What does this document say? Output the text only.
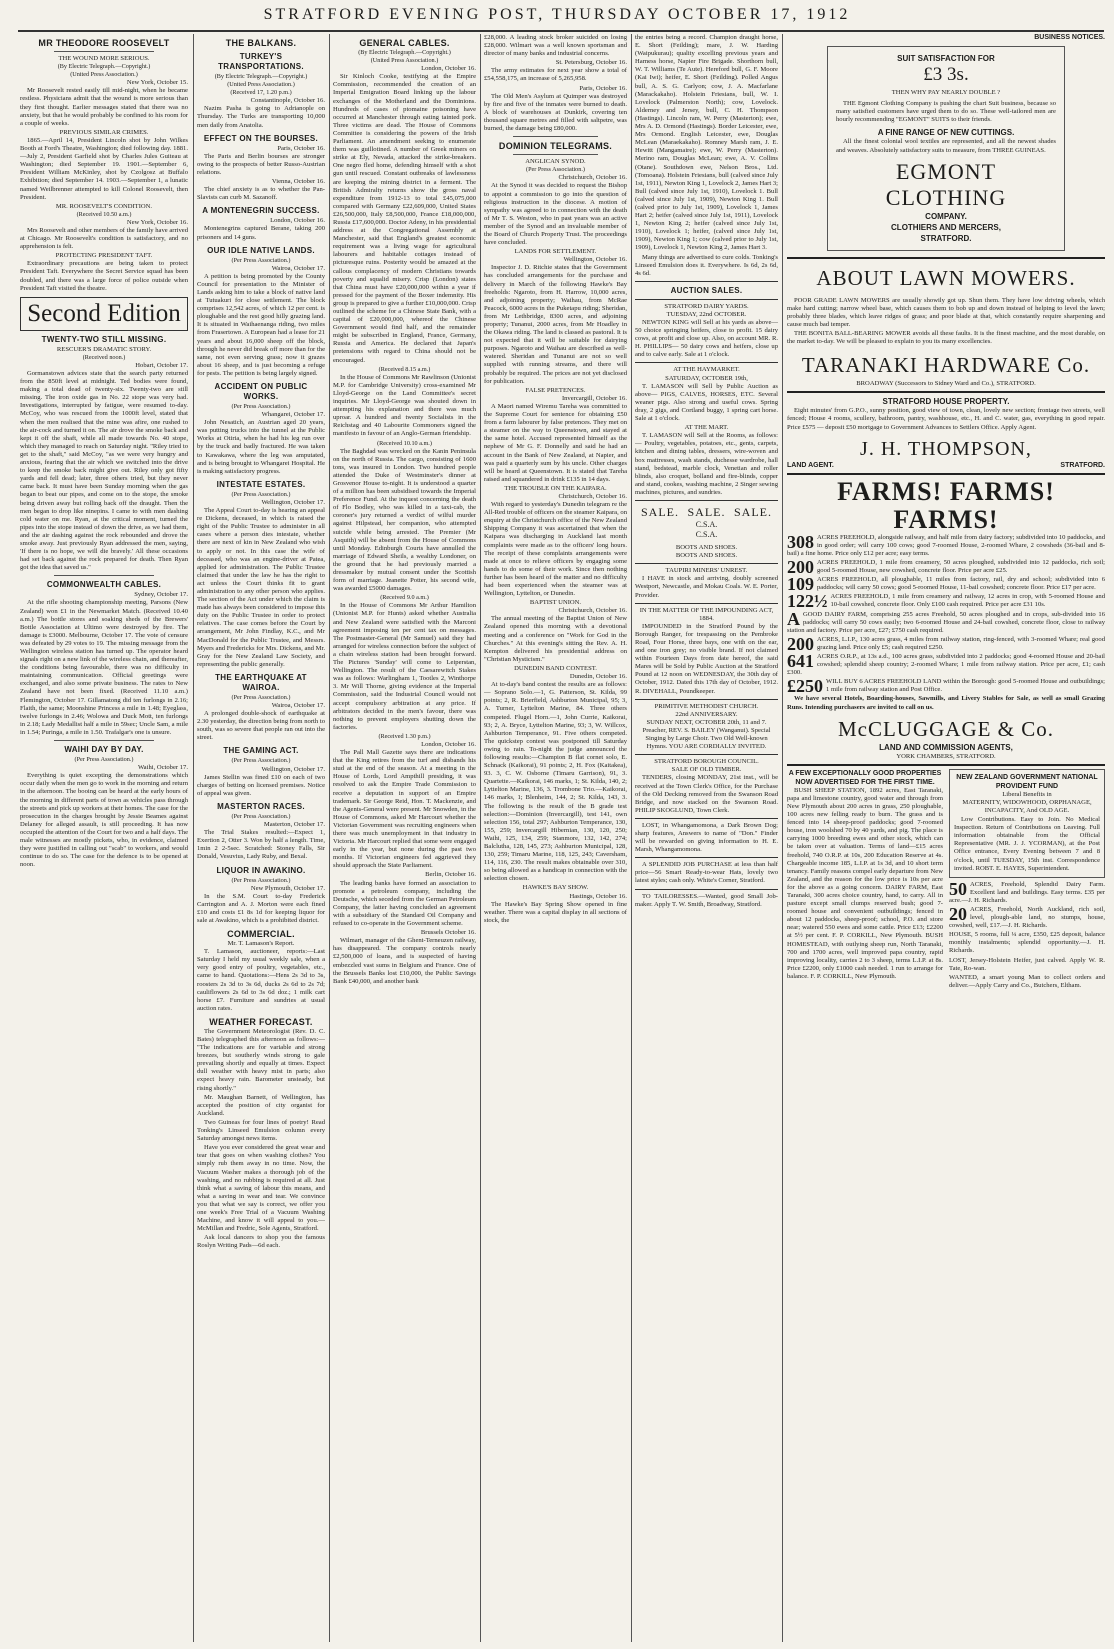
STRATFORD EVENING POST, THURSDAY OCTOBER 17, 1912
MR THEODORE ROOSEVELT
THE WOUND MORE SERIOUS.
(By Electric Telegraph.—Copyright.)
(United Press Association.)
New York, October 15.

Mr Roosevelt rested easily till mid-night, when he became restless. Physicians admit that the wound is more serious than they first thought. Earlier messages stated that there was no anxiety, but that he would probably be confined to his room for a couple of weeks.

PREVIOUS SIMILAR CRIMES.

1865.—April 14, President Lincoln shot by John Wilkes Booth at Ford's Theatre, Washington; died following day. 1881.—July 2, President Garfield shot by Charles Jules Guiteau at Washington; died September 19. 1901.—September 6, President William McKinley, shot by Czolgosz at Buffalo Exhibition; died September 14. 1903.—September 1, a lunatic named Weilbrenner attempted to kill Colonel Roosevelt, then President.

MR. ROOSEVELT'S CONDITION.
(Received 10.50 a.m.)
New York, October 16.

Mrs Roosevelt and other members of the family have arrived at Chicago. Mr Roosevelt's condition is satisfactory, and no apprehension is felt.

PROTECTING PRESIDENT TAFT.

Extraordinary precautions are being taken to protect President Taft. Everywhere the Secret Service squad has been doubled, and there was a large force of police outside when President Taft visited the theatre.

Second Edition
TWENTY-TWO STILL MISSING.
RESCUER'S DRAMATIC STORY.
(Received noon.)
Hobart, October 17.

Gormanstown advices state that the search party returned from the 850ft level at midnight. Ted bodies were found, making a total dead of twenty-six. Twenty-two are still missing. The iron oxide gas in No. 22 stope was very bad. Investigations, interrupted by fatigue, were resumed to-day. McCoy, who was rescued from the 1000ft level, stated that when the men realised that the mine was afire, one rushed to the air-cock and turned it on. The air drove the smoke back and kept it off the shaft, while all made towards No. 40 stope, which they managed to reach on Saturday night. "Riley tried to get to the shaft," said McCoy, "as we were very hungry and anxious, fearing that the air which we switched into the drive to keep the smoke back might give out. Riley only got fifty yards and fell dead; later, three others tried, but they never came back. It must have been Sunday morning when the gas began to beat our pipes, and come on to the stope, the smoke being driven away but rolling back off the draught. Then the men began to drop like ninepins. I came to with men dashing cold water on me. Ryan, at the critical moment, turned the pipes into the stope instead of down the drive, as we had them, and the air dashing against the rock rebounded and drove the smoke away. Just previously Ryan addressed the men, saying, 'If there is no hope, we will die bravely.' All these occasions had set back against the rock prepared for death. Then Ryan got the idea that saved us."

COMMONWEALTH CABLES.
Sydney, October 17.

At the rifle shooting championship meeting, Parsons (New Zealand) won £1 in the Newmarket Match. (Received 10.40 a.m.) The bottle stores and soaking sheds of the Brewers' Bottle Association at Ultimo were destroyed by fire. The damage is £3000. Melbourne, October 17. The vote of censure was defeated by 29 votes to 19. The missing message from the Wellington wireless station has turned up. The operator heard signals right on a new link of the wireless chain, and thereafter, the conditions being favourable, there was no difficulty in maintaining communication. Official greetings were exchanged, and also some private business. The rates to New Zealand have not been fixed. (Received 11.10 a.m.) Flemington, October 17. Gillamatong did ten furlongs in 2.16; Flaith, the same; Moonshine Princess a mile in 1.48; Eyeglass, twelve furlongs in 2.46; Wolowa and Duck Mott, ten furlongs in 2.18; Lady Medallist half a mile in 59sec; Uncle Sam, a mile in 1.54; Puringa, a mile in 1.50. Trafalgar's one is unsure.

WAIHI DAY BY DAY.
(Per Press Association.)
Waihi, October 17.

Everything is quiet excepting the demonstrations which occur daily when the men go to work in the morning and return in the afternoon. The booing can be heard at the early hours of the morning in different parts of town as vehicles pass through the streets and pick up workers at their homes. The case for the prosecution in the charges brought by Jessie Beames against Delaney for alleged assault, is still proceeding. It has now occupied the attention of the Court for two and a half days. The male witnesses are mostly pickets, who, in evidence, claimed they were justified in calling out "scab" to workers, and would continue to do so. The case for the defence is to be opened at noon.

THE BALKANS.
TURKEY'S TRANSPORTATIONS.
(By Electric Telegraph.—Copyright.)
(United Press Association.)
(Received 17, 1.20 p.m.)
Constantinople, October 16.

Nazim Pasha is going to Adrianople on Thursday. The Turks are transporting 10,000 men daily from Anatolia.

EFFECT ON THE BOURSES.
Paris, October 16.

The Paris and Berlin bourses are stronger owing to the prospects of better Russo-Austrian relations.

Vienna, October 16.

The chief anxiety is as to whether the Pan-Slavists can curb M. Sazanoff.

A MONTENEGRIN SUCCESS.
London, October 16.

Montenegrins captured Berane, taking 200 prisoners and 14 guns.

OUR IDLE NATIVE LANDS.
(Per Press Association.)
Wairoa, October 17.

A petition is being promoted by the County Council for presentation to the Minister of Lands asking him to take a block of native land at Tutuakuri for close settlement. The block comprises 12,542 acres, of which 12 per cent. is ploughable and the rest good hilly grazing land. It is situated in Waihaenanga riding, two miles from Frasertown. A European had a lease for 21 years and about 16,000 sheep off the block, through he never did break off more than for the same, not even serving grass; now it grazes about 16 sheep, and is just becoming a refuge for pests. The petition is being largely signed.

ACCIDENT ON PUBLIC WORKS.
(Per Press Association.)
Whangarei, October 17.

John Nesatich, an Austrian aged 20 years, was putting trucks into the tunnel at the Public Works at Otiria, when he had his leg run over by the truck and badly fractured. He was taken to Kawakawa, where the leg was amputated, and is being brought to Whangarei Hospital. He is making satisfactory progress.

INTESTATE ESTATES.
(Per Press Association.)
Wellington, October 17.

The Appeal Court to-day is hearing an appeal re Dickens, deceased, in which is raised the right of the Public Trustee to administer in all cases where a person dies intestate, whether there are next of kin in New Zealand who wish to apply or not. In this case the wife of deceased, who was an engine-driver at Patea, applied for administration. The Public Trustee claimed that under the law he has the right to act unless the Court thinks fit to grant administration to any other person who applies. The section of the Act under which the claim is made has always been considered to impose this duty on the Public Trustee in order to protect relatives. The case comes before the Court by arrangement, Mr John Findlay, K.C., and Mr MacDonald for the Public Trustee, and Messrs. Myers and Fredericks for Mrs. Dickens, and Mr. Gray for the New Zealand Law Society, and representing the public generally.

THE EARTHQUAKE AT WAIROA.
(Per Press Association.)
Wairoa, October 17.

A prolonged double-shock of earthquake at 2.30 yesterday, the direction being from north to south, was so severe that people ran out into the street.

THE GAMING ACT.
(Per Press Association.)
Wellington, October 17.

James Stellin was fined £10 on each of two charges of betting on licensed premises. Notice of appeal was given.

MASTERTON RACES.
(Per Press Association.)
Masterton, October 17.

The Trial Stakes resulted:—Expect 1, Exertion 2, Otter 3. Won by half a length. Time, 1min 2 2-5sec. Scratched: Stoney Falls, Sir Donald, Vesuvius, Lady Ruby, and Bexal.

LIQUOR IN AWAKINO.
(Per Press Association.)
New Plymouth, October 17.

In the S.M. Court to-day Frederick Carrington and A. J. Morton were each fined £10 and costs £1 8s 1d for keeping liquor for sale at Awakino, which is a prohibited district.

COMMERCIAL.
Mr. T. Lamason's Report.

T. Lamason, auctioneer, reports:—Last Saturday I held my usual weekly sale, when a very good entry of poultry, vegetables, etc., came to hand. Quotations:—Hens 2s 3d to 3s, roosters 2s 3d to 3s 6d, ducks 2s 6d to 2s 7d; cauliflowers 2s 6d to 3s 6d doz.; 1 milk cart horse £7. Furniture and sundries at usual auction rates.

WEATHER FORECAST.

The Government Meteorologist (Rev. D. C. Bates) telegraphed this afternoon as follows:— "The indications are for variable and strong breezes, but southerly winds strong to gale prevailing shortly and equally at times. Expect dull weather with heavy mist in parts; also expect heavy rain. Barometer unsteady, but rising shortly."

Mr. Maughan Barnett, of Wellington, has accepted the position of city organist for Auckland.

Two Guineas for four lines of poetry! Read Tonking's Linseed Emulsion column every Saturday amongst news items.

Have you ever considered the great wear and tear that goes on when washing clothes? You simply rub them away in no time. Now, the Vacuum Washer makes a thorough job of the washing, and no rubbing is required at all. Just think what a saving of labour this means, and what a saving in wear and tear. We convince you that what we say is correct, we offer you one week's Free Trial of a Vacuum Washing Machine, and know it will appeal to you.—McMillan and Fredric, Sole Agents, Stratford.

Ask local dancers to shop you the famous Roslyn Writing Pads—6d each.

GENERAL CABLES.
(By Electric Telegraph.—Copyright.)
(United Press Association.)
London, October 16.

Sir Kinloch Cooke, testifying at the Empire Commission, recommended the creation of an Imperial Emigration Board linking up the labour exchanges of the Motherland and the Dominions. Hundreds of cases of ptomaine poisoning have occurred at Manchester through eating tainted pork. Three victims are dead. The House of Commons Committee is considering the powers of the Irish Parliament. An amendment seeking to enumerate them was guillotined. A number of Greek miners on strike at Ely, Nevada, attacked the strike-breakers. One negro fled home, defending himself with a shot gun until rescued. Constant outbreaks of lawlessness are keeping the mining district in a ferment. The British Admiralty returns show the gross naval expenditure from 1912-13 to total £45,075,000 compared with Germany £22,609,000, United States £26,500,000, Italy £8,500,000, France £18,000,000, Russia £17,600,000. Doctor Adeny, in his presidential address at the Congregational Assembly at Manchester, said that England's greatest economic requirement was a living wage for agricultural labourers and habitable cottages instead of picturesque ruins. Posterity would be amazed at the callous complacency of modern Christians towards poverty and squalid misery. Crisp (London) states that China must have £20,000,000 within a year if pressed for the payment of the Boxer indemnity. His group is prepared to give a further £10,000,000. Crisp outlined the scheme for a Chinese State Bank, with a capital of £20,000,000, whereof the Chinese Government would find half, and the remainder might be subscribed in England, France, Germany, Russia and America. He declared that Japan's pretensions with regard to China should not be encouraged.

(Received 8.15 a.m.)

In the House of Commons Mr Rawlinson (Unionist M.P. for Cambridge University) cross-examined Mr Lloyd-George on the Land Committee's secret inquiries. Mr Lloyd-George was shouted down in attempting his explanation and there was much uproar. A hundred and twenty Socialists in the Reichstag and 40 Labourite Commoners signed the manifesto in favour of an Anglo-German friendship.

(Received 10.10 a.m.)

The Baghdad was wrecked on the Kanin Peninsula on the north of Russia. The cargo, consisting of 1600 tons, was insured in London. Two hundred people attended the Duke of Westminster's dinner at Grosvenor House to-night. It is understood a quarter of a million has been subsidised towards the Imperial Preference Fund. At the inquest concerning the death of Flo Bodley, who was killed in a taxi-cab, the coroner's jury returned a verdict of wilful murder against Hilpstead, her companion, who attempted suicide while being arrested. The Premier (Mr Asquith) will be absent from the House of Commons until Monday. Edinburgh Courts have annulled the marriage of Edward Sheils, a wealthy Londoner, on the ground that he had previously married a dressmaker by mutual consent under the Scottish form of marriage. Jeanette Potter, his second wife, was awarded £5000 damages.

(Received 9.0 a.m.)

In the House of Commons Mr Arthur Hamilton (Unionist M.P. for Hunts) asked whether Australia and New Zealand were satisfied with the Marconi agreement imposing ten per cent tax on messages. The Postmaster-General (Mr Samuel) said they had arranged for wireless connection before the subject of a chain wireless station had been brought forward. The Pictures 'Sunday' will come to Leiperstan, Wellington. The result of the Caesarewitch Stakes was as follows: Warlingham 1, Tootles 2, Winthorpe 3. Mr Will Thorne, giving evidence at the Imperial Commission, said the Industrial Council would not accept compulsory arbitration at any price. If arbitrators decided in the men's favour, there was nothing to prevent employers shutting down the factories.

(Received 1.30 p.m.)
London, October 16.

The Pall Mall Gazette says there are indications that the King retires from the turf and disbands his stud at the end of the season. At a meeting in the House of Lords, Lord Ampthill presiding, it was resolved to ask the Empire Trade Commission to receive a deputation in support of an Empire trademark. Sir George Reid, Hon. T. Mackenzie, and the Agents-General were present. Mr Snowden, in the House of Commons, asked Mr Harcourt whether the Victorian Government was recruiting engineers when there was much unemployment in that industry in Victoria. Mr Harcourt replied that some were engaged early in the year, but none during the past two months. If Victorian engineers fed aggrieved they should approach the State Parliament.

Berlin, October 16.

The leading banks have formed an association to promote a petroleum company, including the Deutsche, which seceded from the German Petroleum Company, the latter having concluded an agreement with a subsidiary of the Standard Oil Company and refused to co-operate in the Government scheme.

Brussels October 16.

Wilmart, manager of the Ghent-Terneuzen railway, has disappeared. The company controls nearly £2,500,000 of loans, and is suspected of having embezzled vast sums in Belgium and France. One of the Brussels Banks lost £10,000, the Public Savings Bank £40,000, and another bank

£28,000. A leading stock broker suicided on losing £28,000. Wilmart was a well known sportsman and director of many banks and industrial concerns.

St. Petersburg, October 16.

The army estimates for next year show a total of £54,558,175, an increase of 5,265,958.

Paris, October 16.

The Old Men's Asylum at Quimper was destroyed by fire and five of the inmates were burned to death. A block of warehouses at Dunkirk, covering ten thousand square metres and filled with saltpetre, was burned, the damage being £80,000.

DOMINION TELEGRAMS.
ANGLICAN SYNOD.
(Per Press Association.)
Christchurch, October 16.

At the Synod it was decided to request the Bishop to appoint a commission to go into the question of religious instruction in the diocese. A motion of sympathy was agreed to in connection with the death of Mr T. S. Weston, who in past years was an active member of the Synod and an invaluable member of the Board of Church Property Trust. The proceedings have concluded.

LANDS FOR SETTLEMENT.
Wellington, October 16.

Inspector J. D. Ritchie states that the Government has concluded arrangements for the purchase and delivery in March of the following Hawke's Bay freeholds: Ngaroto, from H. Harrow, 10,000 acres, and adjoining property; Waihau, from McRae Peacock, 6000 acres in the Puketapu riding; Sheridan, from Mr Lethbridge, 8300 acres, and adjoining property; Tunanui, 2000 acres, from Mr Hoadley in the Okawa riding. The land is classed as pastoral. It is not expected that it will be suitable for dairying purposes. Ngaroto and Waihau are described as well-watered. Sheridan and Tunanui are not so well supplied with running streams, and there will probably be required. The prices are not yet disclosed for publication.

FALSE PRETENCES.
Invercargill, October 16.

A Maori named Wiremu Tareha was committed to the Supreme Court for sentence for obtaining £50 from a farm labourer by false pretences. They met on a steamer on the way to Queenstown, and stayed at the same hotel. Accused represented himself as the nephew of Mr G. F. Donnelly and said he had an account in the Bank of New Zealand, at Napier, and was paid a quarterly sum by his uncle. Other charges will be heard at Queenstown. It is stated that Tareha raised and squandered in drink £135 in 14 days.

THE TROUBLE ON THE KAIPARA.
Christchurch, October 16.

With regard to yesterday's Dunedin telegram re the All-Red trouble of officers on the steamer Kaipara, on enquiry at the Christchurch office of the New Zealand Shipping Company it was ascertained that when the Kaipara was discharging in Auckland last month complaints were made as to the officers' long hours. The receipt of these complaints arrangements were made at once to relieve officers by engaging some hands to do some of their work. Since then nothing further has been heard of the matter and no difficulty had been experienced when the steamer was at Wellington, Lyttelton, or Dunedin.

BAPTIST UNION.
Christchurch, October 16.

The annual meeting of the Baptist Union of New Zealand opened this morning with a devotional meeting and a conference on "Work for God in the Churches." At this evening's sitting the Rev. A. H. Kempton delivered his presidential address on "Christian Mysticism."

DUNEDIN BAND CONTEST.
Dunedin, October 16.

At to-day's band contest the results are as follows:— Soprano Solo.—1, G. Patterson, St. Kilda, 99 points; 2, R. Brierfield, Ashburton Municipal, 95; 3, A. Turner, Lyttelton Marine, 84. Three others competed. Flugel Horn.—1, John Currie, Kaikorai, 93; 2, A. Bryce, Lyttelton Marine, 93; 3, W. Willcox, Ashburton Temperance, 91. Five others competed. The quickstep contest was postponed till Saturday owing to rain. To-night the judge announced the following results:—Champion B flat cornet solo, E. Schnack (Kaikorai), 91 points; 2, H. Fox (Kaitakea), 93. 3, C. W. Osborne (Timaru Garrison), 91, 3. Quartette.—Kaikorai, 146 marks, 1; St. Kilda, 140, 2; Lyttelton Marine, 136, 3. Trombone Trio.—Kaikorai, 146 marks, 1; Blenheim, 144, 2; St. Kilda, 143, 3. The following is the result of the B grade test selection:—Dominion (Invercargill), test 141, own selection 156, total 297; Ashburton Temperance, 130, 155, 259; Invercargill Hibernian, 130, 120, 250; Waihi, 125, 134, 259; Stanmore, 132, 142, 274; Balclutha, 128, 145, 273; Ashburton Municipal, 128, 130, 259; Timaru Marine, 118, 125, 243; Caversham, 114, 116, 230. The result makes obtainable over 310, so being allowed as a handicap in connection with the selection chosen.

HAWKE'S BAY SHOW.
Hastings, October 16.

The Hawke's Bay Spring Show opened in fine weather. There was a capital display in all sections of stock, the

the entries being a record. Champion draught horse, E. Short (Feilding); mare, J. W. Harding (Waipukurau); quality excelling previous years and Harness horse, Napier Fire Brigade. Shorthorn bull, W. T. Williams (Te Aute). Hereford bull, G. F. Moore (Kai Iwi); heifer, E. Short (Feilding). Polled Angus bull, A. S. G. Carlyon; cow, J. A. Macfarlane (Marackakaho). Holstein Friesians, bull, W. I. Lovelock (Palmerston North); cow, Lovelock. Alderney and Jersey, bull, C. H. Thompson (Hastings). Lincoln ram, W. Perry (Masterton); ewe, Mrs A. D. Ormond (Hastings). Border Leicester, ewe, Mrs Ormond. English Leicester, ewe, Douglas McLean (Maraekakaho). Romney Marsh ram, J. E. Hewitt (Mangamaire); ewe, W. Perry (Masterton). Merino ram, Douglas McLean; ewe, A. V. Collins (Otane). Southdown ewe, Nelson Bros., Ltd. (Tomoana). Holstein Friesians, bull (calved since July 1st, 1911), Newton King 1, Lovelock 2, James Hart 3; Bull (calved since July 1st, 1910), Lovelock 1. Bull (calved since July 1st, 1909), Newton King 1. Bull (calved prior to July 1st, 1909), Lovelock 1, James Hart 2; heifer (calved since July 1st, 1911), Lovelock 1, Newton King 2; heifer (calved since July 1st, 1910), Lovelock 1; heifer, (calved since July 1st, 1909), Newton King 1; cow (calved prior to July 1st, 1909), Lovelock 1, Newton King 2, James Hart 3.

Many things are advertised to cure colds. Tonking's Linseed Emulsion does it. Everywhere. Is 6d, 2s 6d, 4s 6d.

AUCTION SALES.
STRATFORD DAIRY YARDS.
TUESDAY, 22nd OCTOBER.

NEWTON KING will Sell at his yards as above— 50 choice springing heifers, close to profit. 15 dairy cows, at profit and close up. Also, on account MR. R. H. PHILLIPS— 50 dairy cows and heifers, close up and to calve early. Sale at 1 o'clock.

AT THE HAYMARKET.
SATURDAY, OCTOBER 19th,

T. LAMASON will Sell by Public Auction as above— PIGS, CALVES, HORSES, ETC. Several weaner pigs. Also strong and useful cows. Spring dray, 2 gigs, and Cortland buggy, 1 spring cart horse. Sale at 1 o'clock.

AT THE MART.

T. LAMASON will Sell at the Rooms, as follows:— Poultry, vegetables, potatoes, etc., gents, carpets, kitchen and dining tables, dressers, wire-woven and box mattresses, wash stands, duchesse wardrobe, hall stand, bedstead, marble clock, Venetian and roller blinds, also croquet, bolland and fire-blinds, copper and stand, cookes, washing machine, 2 Singer sewing machines, pictures, and sundries.

SALE. SALE. SALE.
C.S.A.
C.S.A.
BOOTS AND SHOES.
BOOTS AND SHOES.
TAUPIRI MINERS' UNREST.

I HAVE in stock and arriving, doubly screened Westport, Newcastle, and Mokau Coals. W. E. Porter, Provider.

IN THE MATTER OF THE IMPOUNDING ACT, 1884.

IMPOUNDED in the Stratford Pound by the Borough Ranger, for trespassing on the Pembroke Road, Four Horse, three bays, one with on the ear, and one iron grey; no visible brand. If not claimed within Fourteen Days from date hereof, the said Mares will be Sold by Public Auction at the Stratford Pound at 12 noon on WEDNESDAY, the 30th day of October, 1912. Dated this 17th day of October, 1912. R. DIVEHALL, Poundkeeper.

PRIMITIVE METHODIST CHURCH.
22nd ANNIVERSARY.

SUNDAY NEXT, OCTOBER 20th, 11 and 7. Preacher, REV. S. BAILEY (Wanganui). Special Singing by Large Choir. Two Old Well-known Hymns. YOU ARE CORDIALLY INVITED.

STRATFORD BOROUGH COUNCIL.
SALE OF OLD TIMBER.

TENDERS, closing MONDAY, 21st inst., will be received at the Town Clerk's Office, for the Purchase of the Old Decking removed from the Swanson Road Bridge, and now stacked on the Swanson Road. PHILIP SKOGLUND, Town Clerk.

LOST, in Whangamomona, a Dark Brown Dog; sharp features, Answers to name of "Don." Finder will be rewarded on giving information to H. E. Marsh, Whangamomona.

A SPLENDID JOB PURCHASE at less than half price—56 Smart Ready-to-wear Hats, lovely two latest styles; cash only. White's Corner, Stratford.

TO TAILORESSES.—Wanted, good Small Job-maker. Apply T. W. Smith, Broadway, Stratford.

BUSINESS NOTICES.
SUIT SATISFACTION FOR
£3 3s.
THEN WHY PAY NEARLY DOUBLE ?

THE Egmont Clothing Company is pushing the chart Suit business, because so many satisfied customers have urged them to do so. These well-tailored men are hourly recommending "EGMONT" SUITS to their friends.

A FINE RANGE OF NEW CUTTINGS.

All the finest colonial wool textiles are represented, and all the newest shades and weaves. Absolutely satisfactory suits to measure, from THREE GUINEAS.

EGMONT
CLOTHING
COMPANY.
CLOTHIERS AND MERCERS,
STRATFORD.
ABOUT LAWN MOWERS.

POOR GRADE LAWN MOWERS are usually showily got up. Shun them. They have low driving wheels, which make hard cutting; narrow wheel base, which causes them to bob up and down instead of helping to level the lawn; probably three blades, which leave ridges of grass; and poor blade at that, which constantly require sharpening and cause much bad temper.

THE BONITA BALL-BEARING MOWER avoids all these faults. It is the finest machine, and the most durable, on the market to-day. We will be pleased to explain to you its many excellencies.

TARANAKI HARDWARE Co.
BROADWAY (Successors to Sidney Ward and Co.), STRATFORD.
STRATFORD HOUSE PROPERTY.

Eight minutes' from G.P.O., sunny position, good view of town, clean, lovely new section; frontage two streets, well fenced; House 4 rooms, scullery, bathroom, pantry, washhouse, etc., H. and C. water, gas, everything in good repair. Price £575 — deposit £50 mortgage to Government Advances to Settlers Office. Apply Agent.

J. H. THOMPSON,
LAND AGENT.	STRATFORD.
FARMS! FARMS! FARMS!

308 ACRES FREEHOLD, alongside railway, and half mile from dairy factory; subdivided into 10 paddocks, and in good order; will carry 100 cows; good 7-roomed House, 2-roomed Whare, 2 cowsheds (36-bail and 8-bail) a fine home. Price only £12 per acre; easy terms.

200 ACRES FREEHOLD, 1 mile from creamery, 50 acres ploughed, subdivided into 12 paddocks, rich soil; good 5-roomed House, new cowshed, concrete floor. Price per acre £25.

109 ACRES FREEHOLD, all ploughable, 11 miles from factory, rail, dry and school; subdivided into 6 paddocks; will carry 50 cows; good 5-roomed House, 11-bail cowshed; concrete floor. Price £17 per acre.

122½ ACRES FREEHOLD, 1 mile from creamery and railway, 12 acres in crop, with 5-roomed House and 10-bail cowshed, concrete floor. Only £100 cash required. Price per acre £31 10s.

AGOOD DAIRY FARM, comprising 255 acres Freehold, 50 acres ploughed and in crops, sub-divided into 16 paddocks; will carry 50 cows easily; two 6-roomed House and 24-bail cowshed, concrete floor, close to railway station and factory. Price per acre, £27; £750 cash required.

200 ACRES, L.I.P., 130 acres grass, 4 miles from railway station, ring-fenced, with 3-roomed Whare; real good grazing land. Price only £5; cash required £250.

641 ACRES O.R.P., at 13s a.d., 100 acres grass, subdivided into 2 paddocks; good 4-roomed House and 20-bail cowshed; splendid sheep country; 2-roomed Whare; 1 mile from railway station. Price per acre, £1; cash £300.

£250 WILL BUY 6 ACRES FREEHOLD LAND within the Borough: good 5-roomed House and outbuildings; 1 mile from railway station and Post Office.

We have several Hotels, Boarding-houses, Sawmills, and Livery Stables for Sale, as well as small Grazing Runs. Intending purchasers are invited to call on us.

McCLUGGAGE & Co.
LAND AND COMMISSION AGENTS,
YORK CHAMBERS, STRATFORD.
A FEW EXCEPTIONALLY GOOD PROPERTIES NOW ADVERTISED FOR THE FIRST TIME.

BUSH SHEEP STATION, 1892 acres, East Taranaki, papa and limestone country, good water and through from New Plymouth about 200 acres in grass, 250 ploughable, 100 acres new felling ready to burn. The grass and is fenced into 14 sheep-proof paddocks; good 7-roomed house, iron woolshed 70 by 40 yards, and pig. The place is carrying 1000 breeding ewes and other stock, which can be taken over at valuation. Terms of land—£15 acres freehold, 740 O.R.P. at 10s, 200 Education Reserve at 4s. Chargeable income 185, L.I.P. at 1s 3d, and 10 short term tenancy. Family reasons compel early departure from New Zealand, and the reason for the low price is 10s per acre for the above as a going concern. DAIRY FARM, East Taranaki, 300 acres choice country, hand, to carry. All in pasture except small clumps reserved bush; good 7-roomed house and convenient outbuildings; fenced in about 12 paddocks, sheep-proof; school, P.O. and store near; watered 550 ewes and some cattle. Price £13; £2200 at 5½ per cent. F. P. CORKILL, New Plymouth. BUSH HOMESTEAD, with outlying sheep run, North Taranaki, 700 and 1700 acres, well improved papa country, rapid improving locality, carries 2 to 3 sheep, terms L.I.P. at 8s. Price £2200, only £1000 cash needed. 1 run to arrange for balance. F. P. CORKILL, New Plymouth.

NEW ZEALAND GOVERNMENT NATIONAL PROVIDENT FUND
Liberal Benefits in

MATERNITY, WIDOWHOOD, ORPHANAGE, INCAPACITY, And OLD AGE.

Low Contributions. Easy to Join. No Medical Inspection. Return of Contributions on Leaving. Full information obtainable from the Official Representative (MR. J. J. YCORMAN), at the Post Office entrance, Every Evening between 7 and 8 o'clock, until TUESDAY, 15th inst. Correspondence invited. ROBT. E. HAYES, Superintendent.

50 ACRES, Freehold, Splendid Dairy Farm. Excellent land and buildings. Easy terms. £35 per acre.—J. H. Richards.

20 ACRES, Freehold, North Auckland, rich soil, level, plough-able land, no stumps, house, cowshed, well, £17.—J. H. Richards.

HOUSE, 5 rooms, full ¼ acre, £350, £25 deposit, balance monthly instalments; splendid opportunity.—J. H. Richards.

LOST, Jersey-Holstein Heifer, just calved. Apply W. R. Tate, Ro-wan.

WANTED, a smart young Man to collect orders and deliver.—Apply Carry and Co., Butchers, Eltham.
